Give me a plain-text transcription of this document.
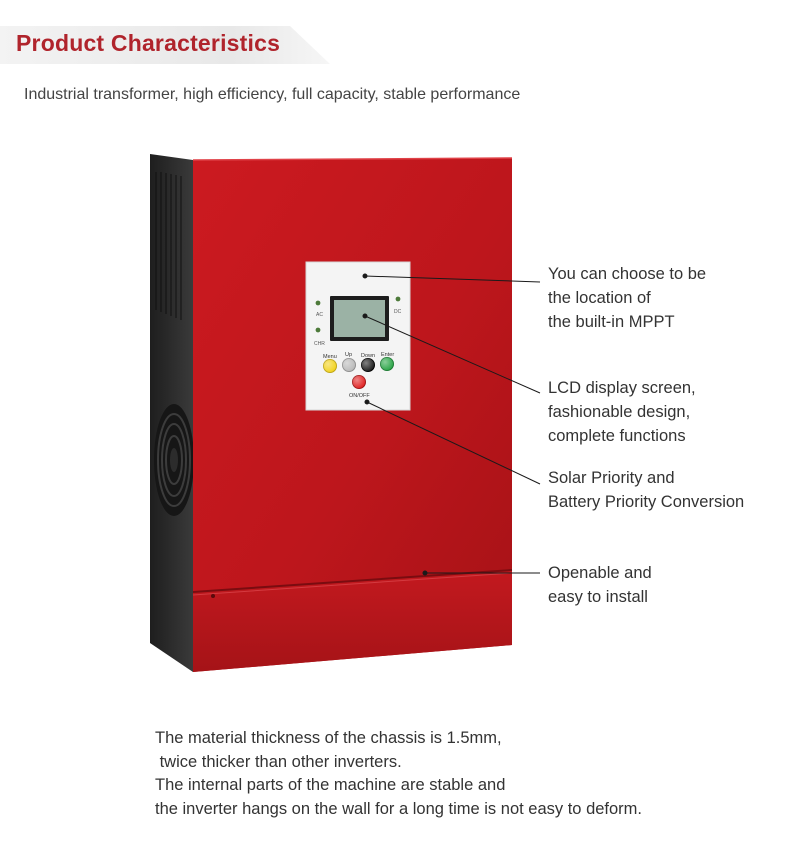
Product Characteristics

Industrial transformer, high efficiency, full capacity, stable performance

AC	DC
CHR
Menu Up Down Enter
ON/OFF
You can choose to be
the location of
the built-in MPPT
LCD display screen,
fashionable design,
complete functions
Solar Priority and
Battery Priority Conversion
Openable and
easy to install
The material thickness of the chassis is 1.5mm,
twice thicker than other inverters.
The internal parts of the machine are stable and
the inverter hangs on the wall for a long time is not easy to deform.
